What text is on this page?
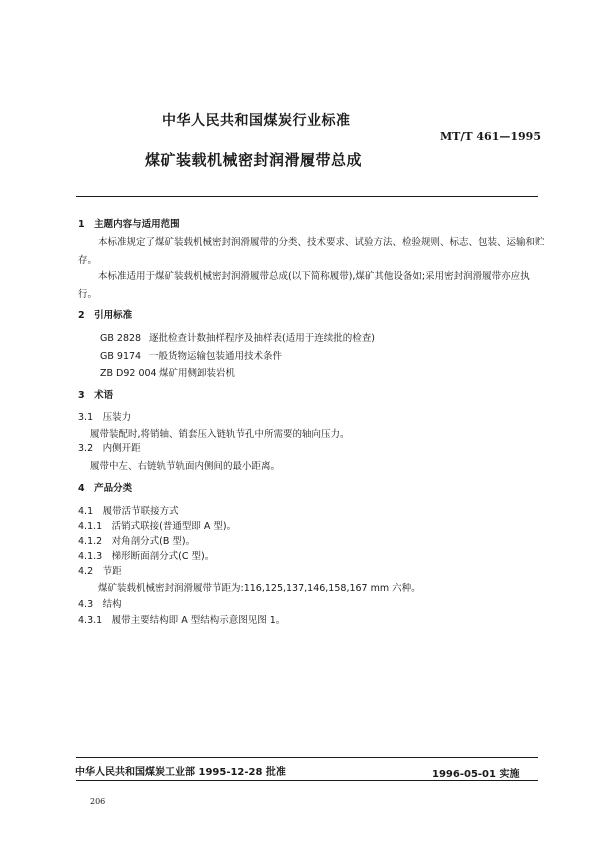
中华人民共和国煤炭行业标准
MT/T 461—1995
煤矿装载机械密封润滑履带总成
1　主题内容与适用范围
本标准规定了煤矿装载机械密封润滑履带的分类、技术要求、试验方法、检验规则、标志、包装、运输和贮存。
本标准适用于煤矿装载机械密封润滑履带总成(以下简称履带),煤矿其他设备如;采用密封润滑履带亦应执行。
2　引用标准
GB 2828 逐批检查计数抽样程序及抽样表(适用于连续批的检查)
GB 9174 一般货物运输包装通用技术条件
ZB D92 004 煤矿用侧卸装岩机
3　术语
3.1　压装力
履带装配时,将销轴、销套压入链轨节孔中所需要的轴向压力。
3.2　内侧开距
履带中左、右链轨节轨面内侧间的最小距离。
4　产品分类
4.1　履带活节联接方式
4.1.1　活销式联接(普通型即 A 型)。
4.1.2　对角剖分式(B 型)。
4.1.3　梯形断面剖分式(C 型)。
4.2　节距
煤矿装载机械密封润滑履带节距为:116,125,137,146,158,167 mm 六种。
4.3　结构
4.3.1　履带主要结构即 A 型结构示意图见图 1。
中华人民共和国煤炭工业部 1995-12-28 批准	1996-05-01 实施
206
